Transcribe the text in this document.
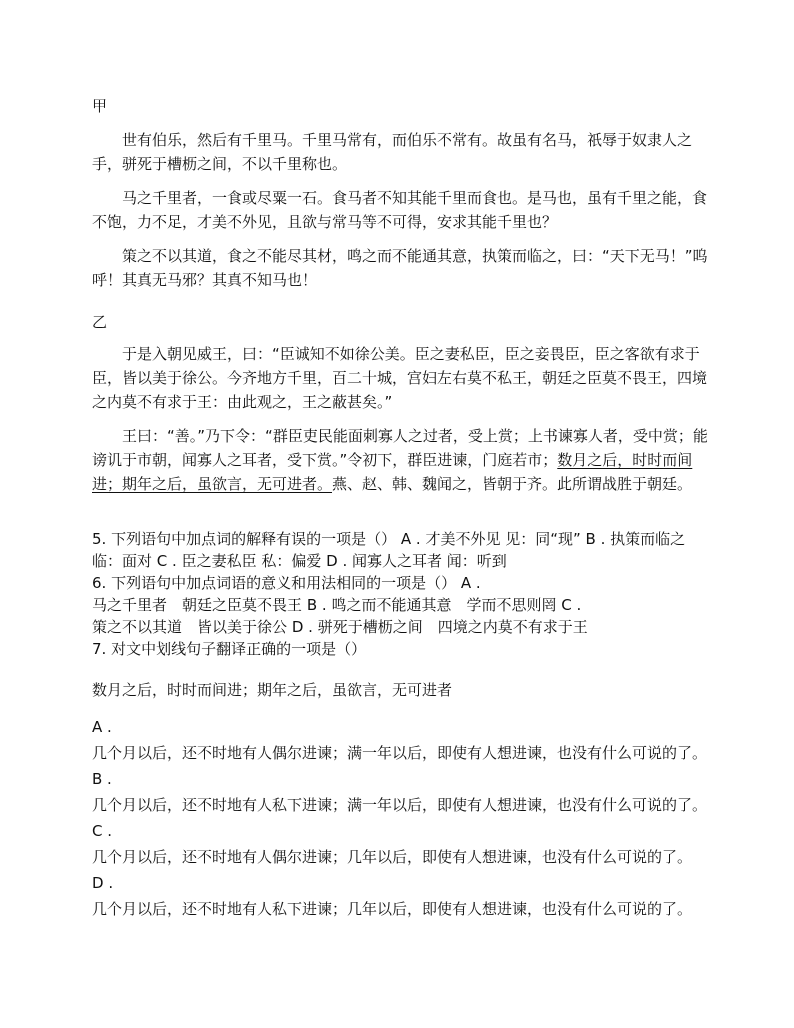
甲

世有伯乐，然后有千里马。千里马常有，而伯乐不常有。故虽有名马，祇辱于奴隶人之手，骈死于槽枥之间，不以千里称也。

马之千里者，一食或尽粟一石。食马者不知其能千里而食也。是马也，虽有千里之能，食不饱，力不足，才美不外见，且欲与常马等不可得，安求其能千里也？

策之不以其道，食之不能尽其材，鸣之而不能通其意，执策而临之，曰：“天下无马！”呜呼！其真无马邪？其真不知马也！

乙

于是入朝见威王，曰：“臣诚知不如徐公美。臣之妻私臣，臣之妾畏臣，臣之客欲有求于臣，皆以美于徐公。今齐地方千里，百二十城，宫妇左右莫不私王，朝廷之臣莫不畏王，四境之内莫不有求于王：由此观之，王之蔽甚矣。”

王曰：“善。”乃下令：“群臣吏民能面刺寡人之过者，受上赏；上书谏寡人者，受中赏；能谤讥于市朝，闻寡人之耳者，受下赏。”令初下，群臣进谏，门庭若市；数月之后，时时而间进；期年之后，虽欲言，无可进者。燕、赵、韩、魏闻之，皆朝于齐。此所谓战胜于朝廷。

5. 下列语句中加点词的解释有误的一项是（） A . 才美不外见 见：同“现” B . 执策而临之 临：面对 C . 臣之妻私臣 私：偏爱 D . 闻寡人之耳者 闻：听到
6. 下列语句中加点词语的意义和用法相同的一项是（） A .
马之千里者　 朝廷之臣莫不畏王 B . 鸣之而不能通其意　 学而不思则罔 C .
策之不以其道　 皆以美于徐公 D . 骈死于槽枥之间　 四境之内莫不有求于王

7. 对文中划线句子翻译正确的一项是（）

数月之后，时时而间进；期年之后，虽欲言，无可进者

A .
几个月以后，还不时地有人偶尔进谏；满一年以后，即使有人想进谏，也没有什么可说的了。
B .
几个月以后，还不时地有人私下进谏；满一年以后，即使有人想进谏，也没有什么可说的了。
C .
几个月以后，还不时地有人偶尔进谏；几年以后，即使有人想进谏，也没有什么可说的了。
D .
几个月以后，还不时地有人私下进谏；几年以后，即使有人想进谏，也没有什么可说的了。
